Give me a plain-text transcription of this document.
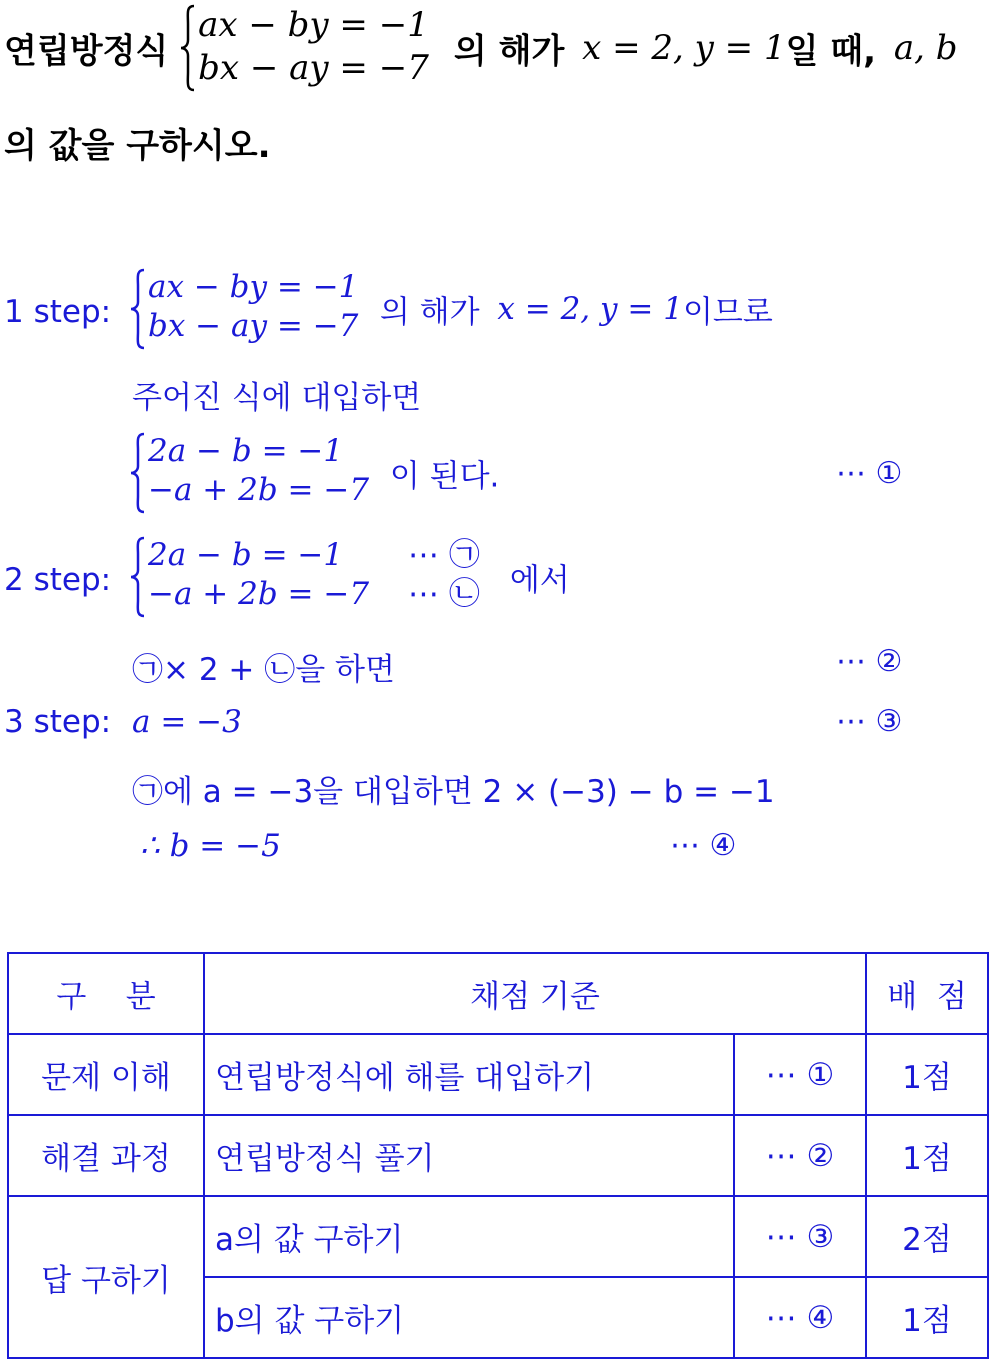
연립방정식
ax − by = −1
bx − ay = −7 의 해가 x = 2, y = 1일 때, a, b
의 값을 구하시오.
1 step:
ax − by = −1
bx − ay = −7 의 해가 x = 2, y = 1이므로
주어진 식에 대입하면
2a − b = −1
−a + 2b = −7 이 된다.	⋯ ①
2 step:
2a − b = −1 ⋯ ㉠
−a + 2b = −7 ⋯ ㉡ 에서
㉠× 2 + ㉡을 하면	⋯ ②
3 step: a = −3	⋯ ③
㉠에 a = −3을 대입하면 2 × (−3) − b = −1
∴ b = −5	⋯ ④
구    분	채점 기준		배  점
문제 이해	연립방정식에 해를 대입하기	⋯ ①	1점
해결 과정	연립방정식 풀기	⋯ ②	1점
답 구하기	a의 값 구하기	⋯ ③	2점
	b의 값 구하기	⋯ ④	1점
